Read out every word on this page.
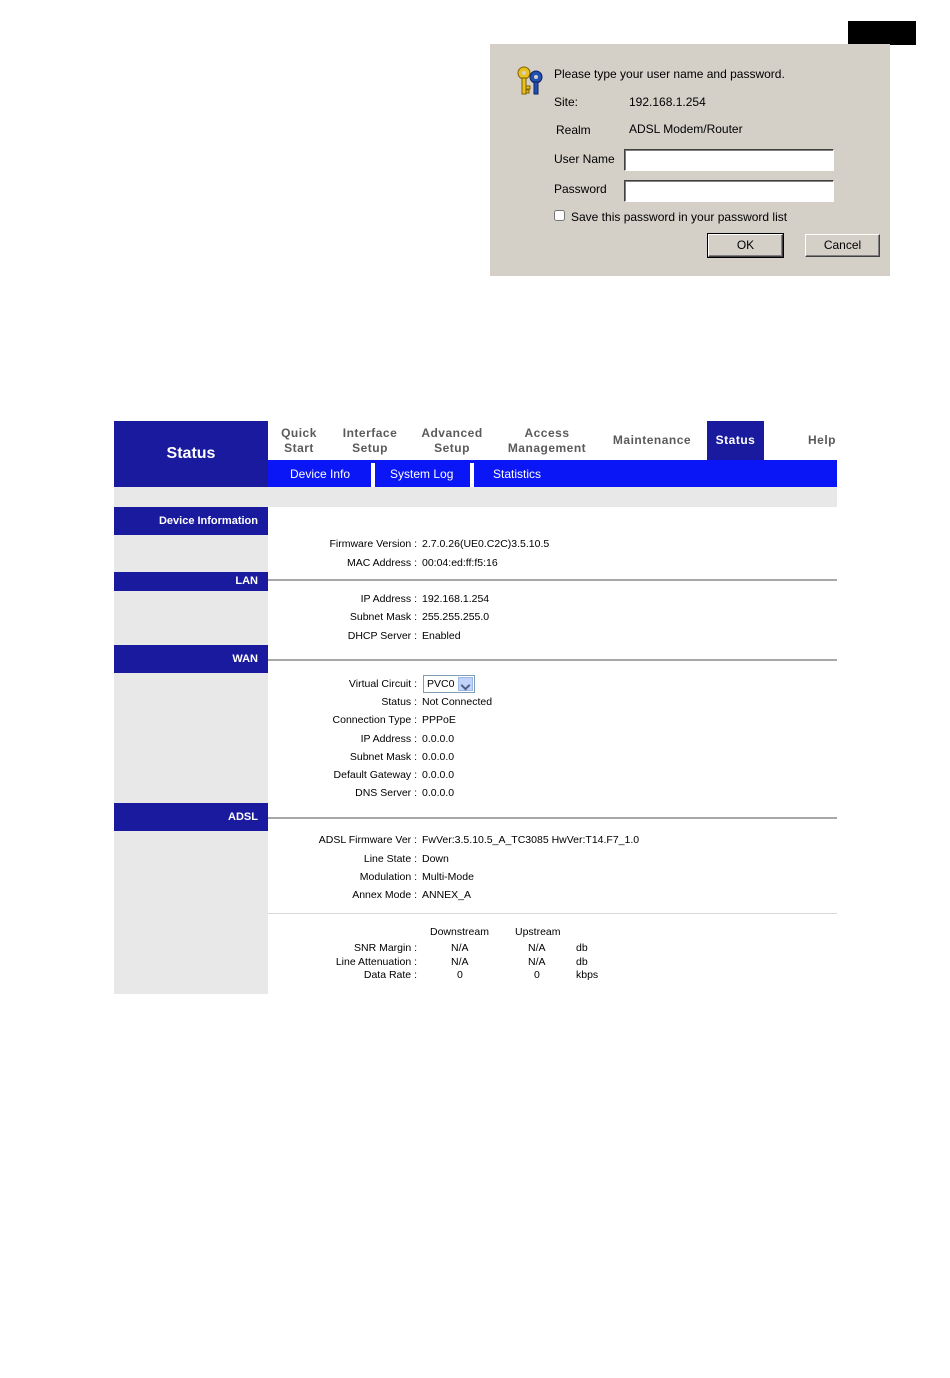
Please type your user name and password.
Site:	192.168.1.254
Realm	ADSL Modem/Router
User Name
Password
Save this password in your password list
OK	Cancel
Status
Quick
Start
Interface
Setup
Advanced
Setup
Access
Management
Maintenance	Status	Help
Device Info	System Log	Statistics
Device Information
Firmware Version : 2.7.0.26(UE0.C2C)3.5.10.5
MAC Address : 00:04:ed:ff:f5:16
LAN
IP Address : 192.168.1.254
Subnet Mask : 255.255.255.0
DHCP Server : Enabled
WAN
Virtual Circuit : PVC0
Status : Not Connected
Connection Type : PPPoE
IP Address : 0.0.0.0
Subnet Mask : 0.0.0.0
Default Gateway : 0.0.0.0
DNS Server : 0.0.0.0
ADSL
ADSL Firmware Ver : FwVer:3.5.10.5_A_TC3085 HwVer:T14.F7_1.0
Line State : Down
Modulation : Multi-Mode
Annex Mode : ANNEX_A
Downstream Upstream
SNR Margin :	N/A	N/A	db
Line Attenuation :	N/A	N/A	db
Data Rate :	0	0	kbps
